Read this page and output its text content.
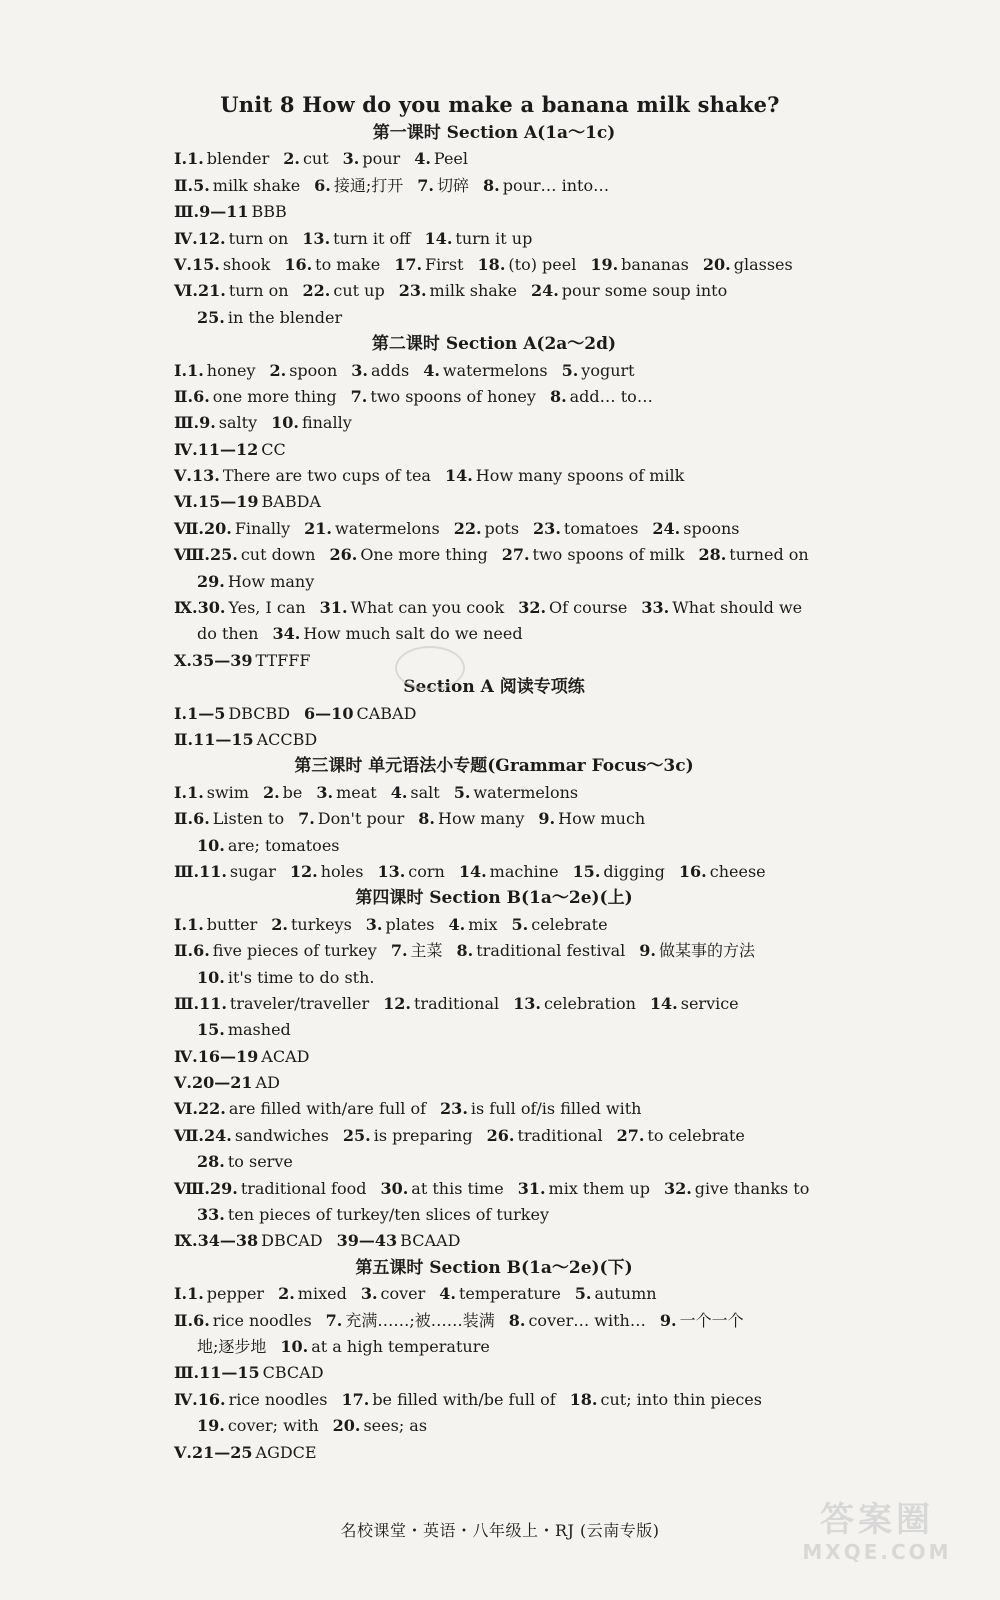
Unit 8 How do you make a banana milk shake?
第一课时 Section A(1a～1c)
Ⅰ.1. blender 2. cut 3. pour 4. Peel
Ⅱ.5. milk shake 6. 接通;打开 7. 切碎 8. pour… into…
Ⅲ.9—11 BBB
Ⅳ.12. turn on 13. turn it off 14. turn it up
Ⅴ.15. shook 16. to make 17. First 18. (to) peel 19. bananas 20. glasses
Ⅵ.21. turn on 22. cut up 23. milk shake 24. pour some soup into
25. in the blender
第二课时 Section A(2a～2d)
Ⅰ.1. honey 2. spoon 3. adds 4. watermelons 5. yogurt
Ⅱ.6. one more thing 7. two spoons of honey 8. add… to…
Ⅲ.9. salty 10. finally
Ⅳ.11—12 CC
Ⅴ.13. There are two cups of tea 14. How many spoons of milk
Ⅵ.15—19 BABDA
Ⅶ.20. Finally 21. watermelons 22. pots 23. tomatoes 24. spoons
Ⅷ.25. cut down 26. One more thing 27. two spoons of milk 28. turned on
29. How many
Ⅸ.30. Yes, I can 31. What can you cook 32. Of course 33. What should we
do then 34. How much salt do we need
Ⅹ.35—39 TTFFF
Section A 阅读专项练
Ⅰ.1—5 DBCBD 6—10 CABAD
Ⅱ.11—15 ACCBD
第三课时 单元语法小专题(Grammar Focus～3c)
Ⅰ.1. swim 2. be 3. meat 4. salt 5. watermelons
Ⅱ.6. Listen to 7. Don't pour 8. How many 9. How much
10. are; tomatoes
Ⅲ.11. sugar 12. holes 13. corn 14. machine 15. digging 16. cheese
第四课时 Section B(1a～2e)(上)
Ⅰ.1. butter 2. turkeys 3. plates 4. mix 5. celebrate
Ⅱ.6. five pieces of turkey 7. 主菜 8. traditional festival 9. 做某事的方法
10. it's time to do sth.
Ⅲ.11. traveler/traveller 12. traditional 13. celebration 14. service
15. mashed
Ⅳ.16—19 ACAD
Ⅴ.20—21 AD
Ⅵ.22. are filled with/are full of 23. is full of/is filled with
Ⅶ.24. sandwiches 25. is preparing 26. traditional 27. to celebrate
28. to serve
Ⅷ.29. traditional food 30. at this time 31. mix them up 32. give thanks to
33. ten pieces of turkey/ten slices of turkey
Ⅸ.34—38 DBCAD 39—43 BCAAD
第五课时 Section B(1a～2e)(下)
Ⅰ.1. pepper 2. mixed 3. cover 4. temperature 5. autumn
Ⅱ.6. rice noodles 7. 充满……;被……装满 8. cover… with… 9. 一个一个
地;逐步地 10. at a high temperature
Ⅲ.11—15 CBCAD
Ⅳ.16. rice noodles 17. be filled with/be full of 18. cut; into thin pieces
19. cover; with 20. sees; as
Ⅴ.21—25 AGDCE
名校课堂・英语・八年级上・RJ (云南专版)	答案圈
MXQE.COM
